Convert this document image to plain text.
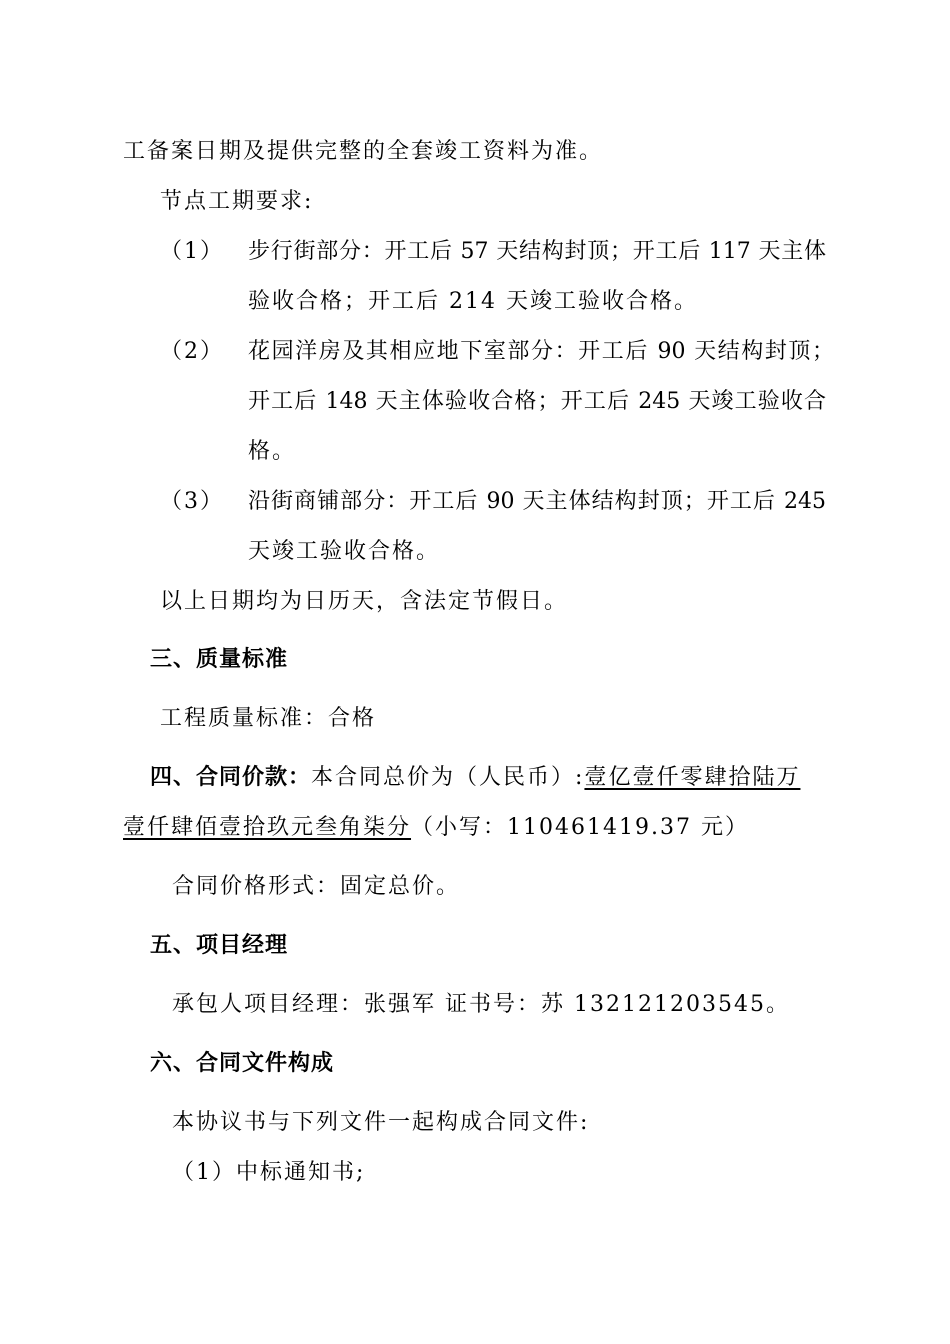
工备案日期及提供完整的全套竣工资料为准。
节点工期要求:
（1） 步行街部分：开工后 57 天结构封顶；开工后 117 天主体
验收合格；开工后 214 天竣工验收合格。
（2） 花园洋房及其相应地下室部分：开工后 90 天结构封顶；
开工后 148 天主体验收合格；开工后 245 天竣工验收合
格。
（3） 沿街商铺部分：开工后 90 天主体结构封顶；开工后 245
天竣工验收合格。
以上日期均为日历天，含法定节假日。
三、质量标准
工程质量标准：合格
四、合同价款：本合同总价为（人民币）:壹亿壹仟零肆拾陆万
壹仟肆佰壹拾玖元叁角柒分（小写：110461419.37 元）
合同价格形式：固定总价。
五、项目经理
承包人项目经理：张强军 证书号：苏 132121203545。
六、合同文件构成
本协议书与下列文件一起构成合同文件:
（1）中标通知书;
